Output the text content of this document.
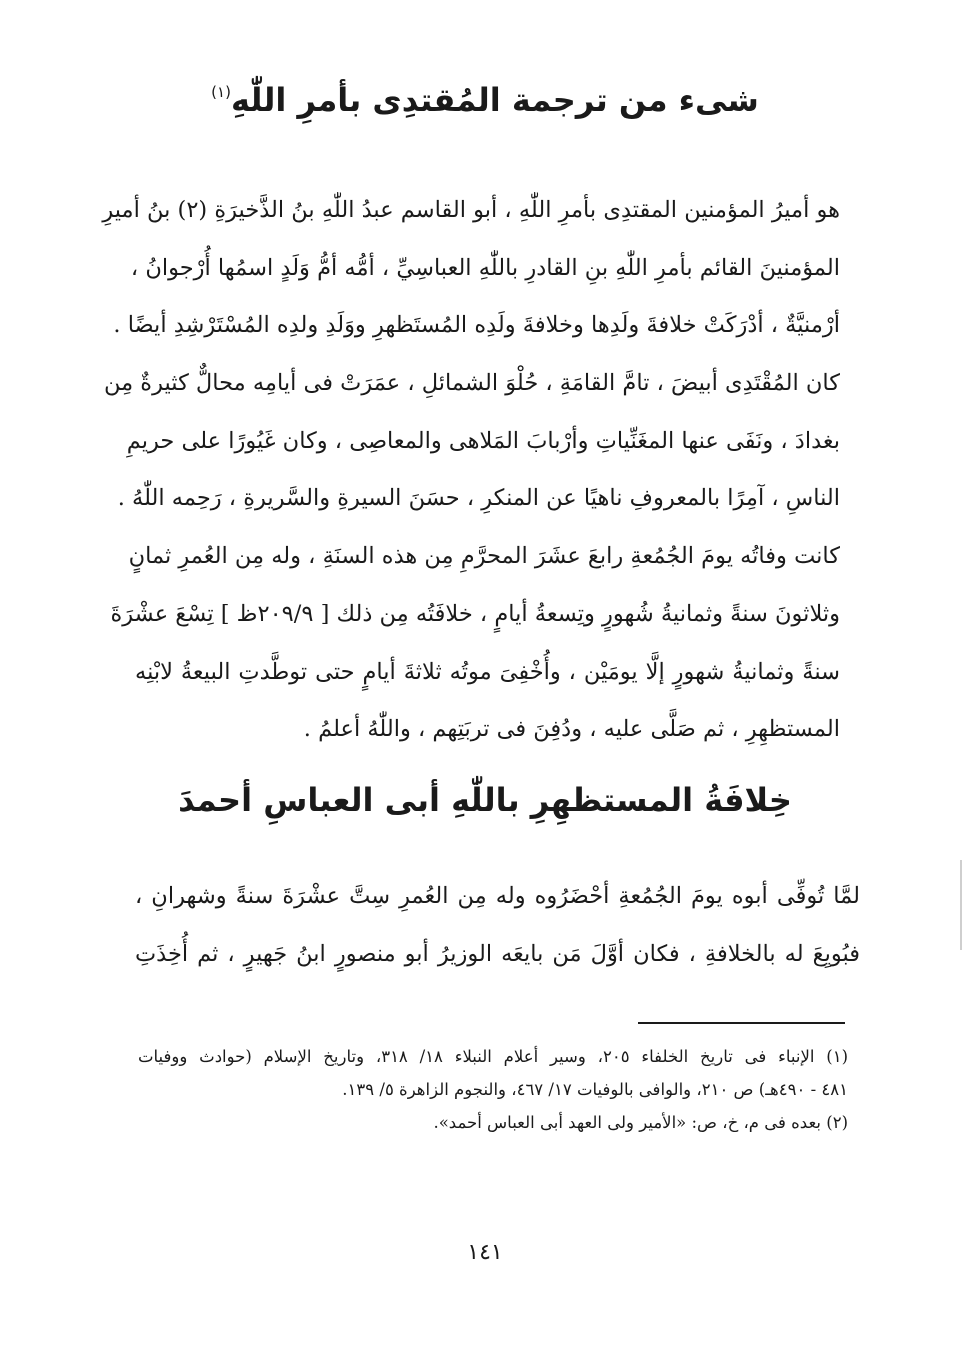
شىء من ترجمة المُقتدِى بأمرِ اللّٰهِ$^{(١)}$
هو أميرُ المؤمنين المقتدِى بأمرِ اللّٰهِ ، أبو القاسم عبدُ اللّٰهِ بنُ الذَّخيرَةِ (٢) بنُ أميرِ
المؤمنينَ القائم بأمرِ اللّٰهِ بنِ القادرِ باللّٰهِ العباسِيِّ ، أمُّه أمُّ وَلَدٍ اسمُها أُرْجوانُ ،
أرْمنيَّةٌ ، أدْرَكَتْ خلافةَ ولَدِها وخلافةَ ولَدِه المُستَظهرِ ووَلَدِ ولدِه المُسْتَرْشِدِ أيضًا .
كان المُقْتَدِى أبيضَ ، تامَّ القامَةِ ، حُلْوَ الشمائلِ ، عمَرَتْ فى أيامِه محالٌّ كثيرةٌ مِن
بغدادَ ، ونَفَى عنها المغَنِّياتِ وأرْبابَ المَلاهى والمعاصِى ، وكان غَيُورًا على حريمِ
الناسِ ، آمِرًا بالمعروفِ ناهيًا عن المنكرِ ، حسَنَ السيرةِ والسَّريرةِ ، رَحِمه اللّٰهُ .
كانت وفاتُه يومَ الجُمُعةِ رابعَ عشَرَ المحرَّمِ مِن هذه السنَةِ ، وله مِن العُمرِ ثمانٍ
وثلاثونَ سنةً وثمانيةُ شُهورٍ وتِسعةُ أيامٍ ، خلافَتُه مِن ذلك [ ٢٠٩/٩ظ ] تِسْعَ عشْرَةَ
سنةً وثمانيةُ شهورٍ إلَّا يومَيْن ، وأُخْفِىَ موتُه ثلاثةَ أيامٍ حتى توطَّدتِ البيعةُ لابْنِه
المستظهِرِ ، ثم صَلَّى عليه ، ودُفِنَ فى تربَتِهم ، واللّٰهُ أعلمُ .
خِلافَةُ المستظهِرِ باللّٰهِ أبى العباسِ أحمدَ
لمَّا تُوفِّى أبوه يومَ الجُمُعةِ أحْضَرُوه وله مِن العُمرِ سِتَّ عشْرَةَ سنةً وشهرانِ ،
فبُويِعَ له بالخلافةِ ، فكان أوَّلَ مَن بايعَه الوزيرُ أبو منصورٍ ابنُ جَهيرٍ ، ثم أُخِذَتِ
(١) الإنباء فى تاريخ الخلفاء ٢٠٥، وسير أعلام النبلاء ١٨/ ٣١٨، وتاريخ الإسلام (حوادث ووفيات
٤٨١ - ٤٩٠هـ) ص ٢١٠، والوافى بالوفيات ١٧/ ٤٦٧، والنجوم الزاهرة ٥/ ١٣٩.
(٢) بعده فى م، خ، ص: «الأمير ولى العهد أبى العباس أحمد».
١٤١
